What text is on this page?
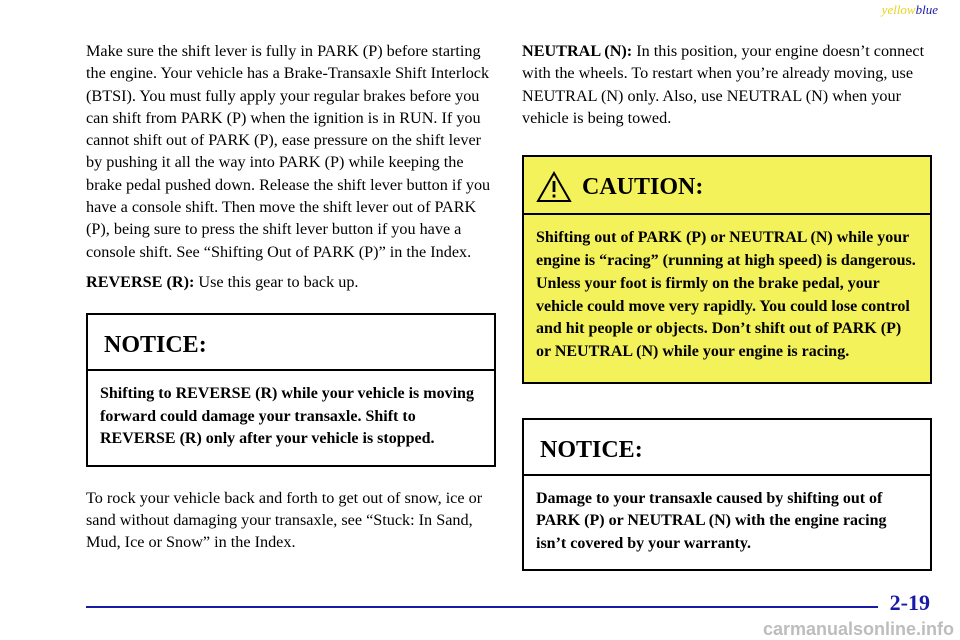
yellowblue

Make sure the shift lever is fully in PARK (P) before starting the engine. Your vehicle has a Brake-Transaxle Shift Interlock (BTSI). You must fully apply your regular brakes before you can shift from PARK (P) when the ignition is in RUN. If you cannot shift out of PARK (P), ease pressure on the shift lever by pushing it all the way into PARK (P) while keeping the brake pedal pushed down. Release the shift lever button if you have a console shift. Then move the shift lever out of PARK (P), being sure to press the shift lever button if you have a console shift. See “Shifting Out of PARK (P)” in the Index.

REVERSE (R): Use this gear to back up.

NOTICE:
Shifting to REVERSE (R) while your vehicle is moving forward could damage your transaxle. Shift to REVERSE (R) only after your vehicle is stopped.

To rock your vehicle back and forth to get out of snow, ice or sand without damaging your transaxle, see “Stuck: In Sand, Mud, Ice or Snow” in the Index.

NEUTRAL (N): In this position, your engine doesn’t connect with the wheels. To restart when you’re already moving, use NEUTRAL (N) only. Also, use NEUTRAL (N) when your vehicle is being towed.

CAUTION:
Shifting out of PARK (P) or NEUTRAL (N) while your engine is “racing” (running at high speed) is dangerous. Unless your foot is firmly on the brake pedal, your vehicle could move very rapidly. You could lose control and hit people or objects. Don’t shift out of PARK (P) or NEUTRAL (N) while your engine is racing.
NOTICE:
Damage to your transaxle caused by shifting out of PARK (P) or NEUTRAL (N) with the engine racing isn’t covered by your warranty.
2-19
carmanualsonline.info
